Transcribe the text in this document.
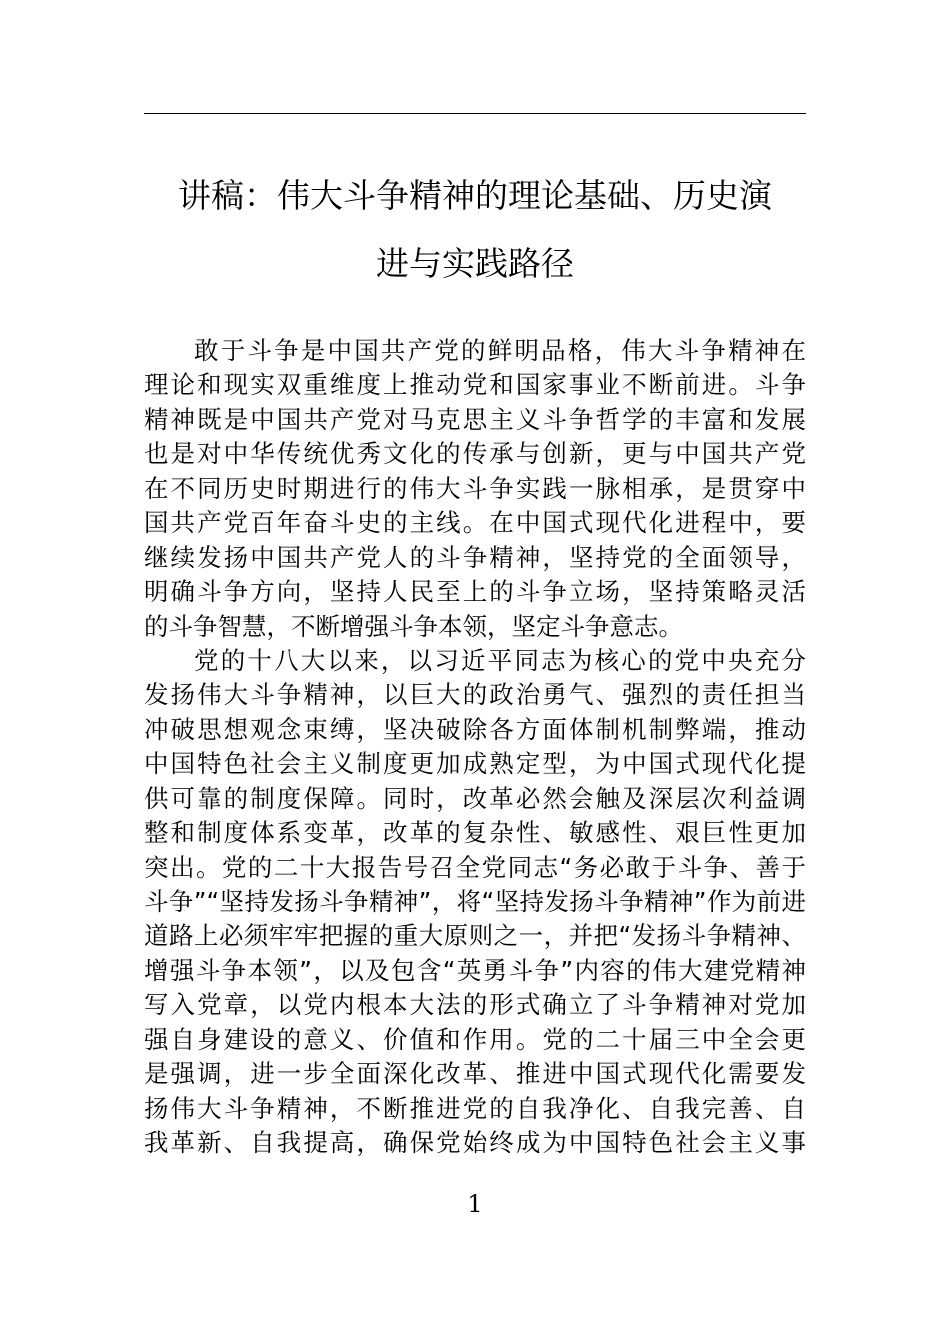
讲稿：伟大斗争精神的理论基础、历史演
进与实践路径
敢于斗争是中国共产党的鲜明品格，伟大斗争精神在
理论和现实双重维度上推动党和国家事业不断前进。斗争
精神既是中国共产党对马克思主义斗争哲学的丰富和发展
也是对中华传统优秀文化的传承与创新，更与中国共产党
在不同历史时期进行的伟大斗争实践一脉相承，是贯穿中
国共产党百年奋斗史的主线。在中国式现代化进程中，要
继续发扬中国共产党人的斗争精神，坚持党的全面领导，
明确斗争方向，坚持人民至上的斗争立场，坚持策略灵活
的斗争智慧，不断增强斗争本领，坚定斗争意志。
党的十八大以来，以习近平同志为核心的党中央充分
发扬伟大斗争精神，以巨大的政治勇气、强烈的责任担当
冲破思想观念束缚，坚决破除各方面体制机制弊端，推动
中国特色社会主义制度更加成熟定型，为中国式现代化提
供可靠的制度保障。同时，改革必然会触及深层次利益调
整和制度体系变革，改革的复杂性、敏感性、艰巨性更加
突出。党的二十大报告号召全党同志“务必敢于斗争、善于
斗争”“坚持发扬斗争精神”，将“坚持发扬斗争精神”作为前进
道路上必须牢牢把握的重大原则之一，并把“发扬斗争精神、
增强斗争本领”，以及包含“英勇斗争”内容的伟大建党精神
写入党章，以党内根本大法的形式确立了斗争精神对党加
强自身建设的意义、价值和作用。党的二十届三中全会更
是强调，进一步全面深化改革、推进中国式现代化需要发
扬伟大斗争精神，不断推进党的自我净化、自我完善、自
我革新、自我提高，确保党始终成为中国特色社会主义事
1
